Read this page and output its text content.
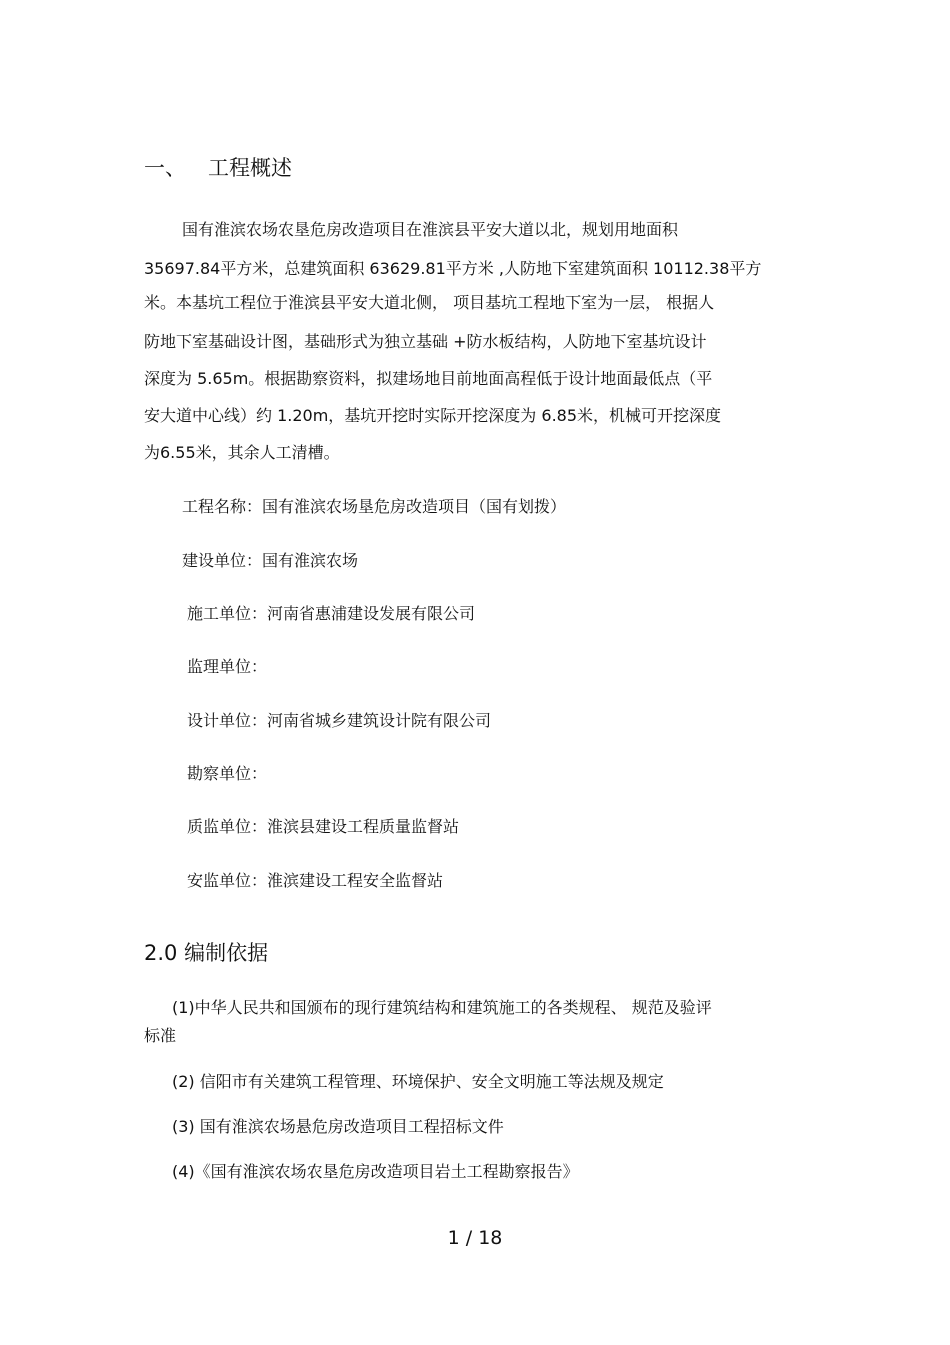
一、 工程概述
国有淮滨农场农垦危房改造项目在淮滨县平安大道以北，规划用地面积
35697.84平方米，总建筑面积 63629.81平方米 ,人防地下室建筑面积 10112.38平方
米。本基坑工程位于淮滨县平安大道北侧， 项目基坑工程地下室为一层， 根据人
防地下室基础设计图，基础形式为独立基础 +防水板结构，人防地下室基坑设计
深度为 5.65m。根据勘察资料，拟建场地目前地面高程低于设计地面最低点（平
安大道中心线）约 1.20m，基坑开挖时实际开挖深度为 6.85米，机械可开挖深度
为6.55米，其余人工清槽。
工程名称：国有淮滨农场垦危房改造项目（国有划拨）
建设单位：国有淮滨农场
施工单位：河南省惠浦建设发展有限公司
监理单位：
设计单位：河南省城乡建筑设计院有限公司
勘察单位：
质监单位：淮滨县建设工程质量监督站
安监单位：淮滨建设工程安全监督站
2.0 编制依据
(1)中华人民共和国颁布的现行建筑结构和建筑施工的各类规程、 规范及验评
标准
(2) 信阳市有关建筑工程管理、环境保护、安全文明施工等法规及规定
(3) 国有淮滨农场悬危房改造项目工程招标文件
(4)《国有淮滨农场农垦危房改造项目岩土工程勘察报告》
1 / 18
